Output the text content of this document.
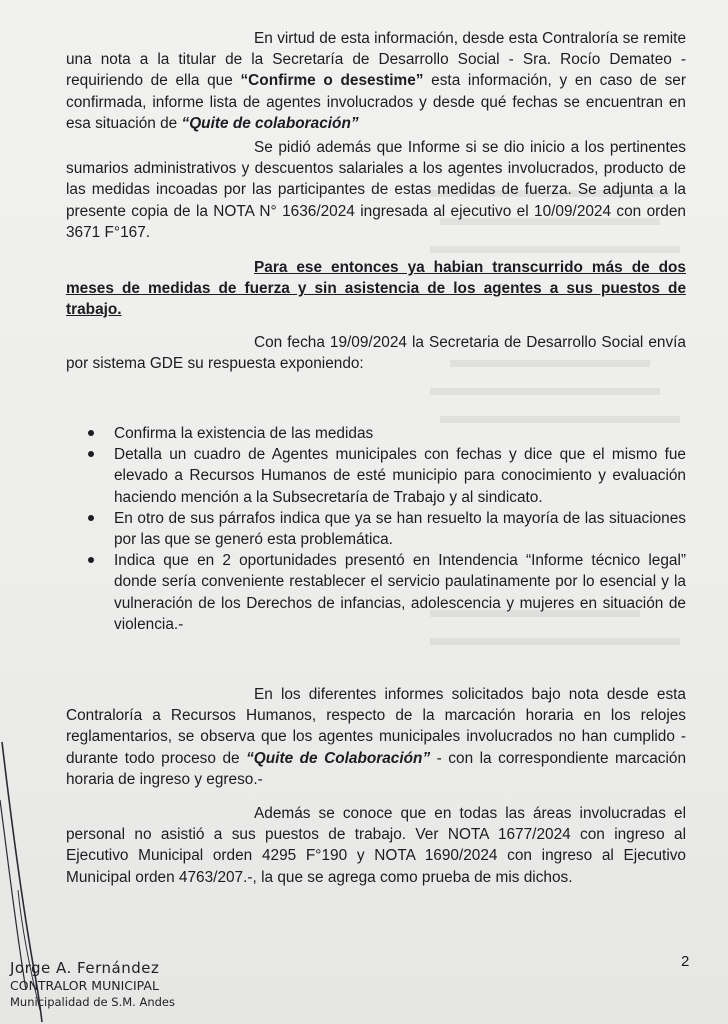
En virtud de esta información, desde esta Contraloría se remite una nota a la titular de la Secretaría de Desarrollo Social - Sra. Rocío Demateo - requiriendo de ella que “Confirme o desestime” esta información, y en caso de ser confirmada, informe lista de agentes involucrados y desde qué fechas se encuentran en esa situación de “Quite de colaboración”
Se pidió además que Informe si se dio inicio a los pertinentes sumarios administrativos y descuentos salariales a los agentes involucrados, producto de las medidas incoadas por las participantes de estas medidas de fuerza. Se adjunta a la presente copia de la NOTA N° 1636/2024 ingresada al ejecutivo el 10/09/2024 con orden 3671 F°167.
Para ese entonces ya habian transcurrido más de dos meses de medidas de fuerza y sin asistencia de los agentes a sus puestos de trabajo.
Con fecha 19/09/2024 la Secretaria de Desarrollo Social envía por sistema GDE su respuesta exponiendo:
Confirma la existencia de las medidas
Detalla un cuadro de Agentes municipales con fechas y dice que el mismo fue elevado a Recursos Humanos de esté municipio para conocimiento y evaluación haciendo mención a la Subsecretaría de Trabajo y al sindicato.
En otro de sus párrafos indica que ya se han resuelto la mayoría de las situaciones por las que se generó esta problemática.
Indica que en 2 oportunidades presentó en Intendencia “Informe técnico legal” donde sería conveniente restablecer el servicio paulatinamente por lo esencial y la vulneración de los Derechos de infancias, adolescencia y mujeres en situación de violencia.-
En los diferentes informes solicitados bajo nota desde esta Contraloría a Recursos Humanos, respecto de la marcación horaria en los relojes reglamentarios, se observa que los agentes municipales involucrados no han cumplido - durante todo proceso de “Quite de Colaboración” - con la correspondiente marcación horaria de ingreso y egreso.-
Además se conoce que en todas las áreas involucradas el personal no asistió a sus puestos de trabajo. Ver NOTA 1677/2024 con ingreso al Ejecutivo Municipal orden 4295 F°190 y NOTA 1690/2024 con ingreso al Ejecutivo Municipal orden 4763/207.-, la que se agrega como prueba de mis dichos.
2
Jorge A. Fernández
CONTRALOR MUNICIPAL
Municipalidad de S.M. Andes
